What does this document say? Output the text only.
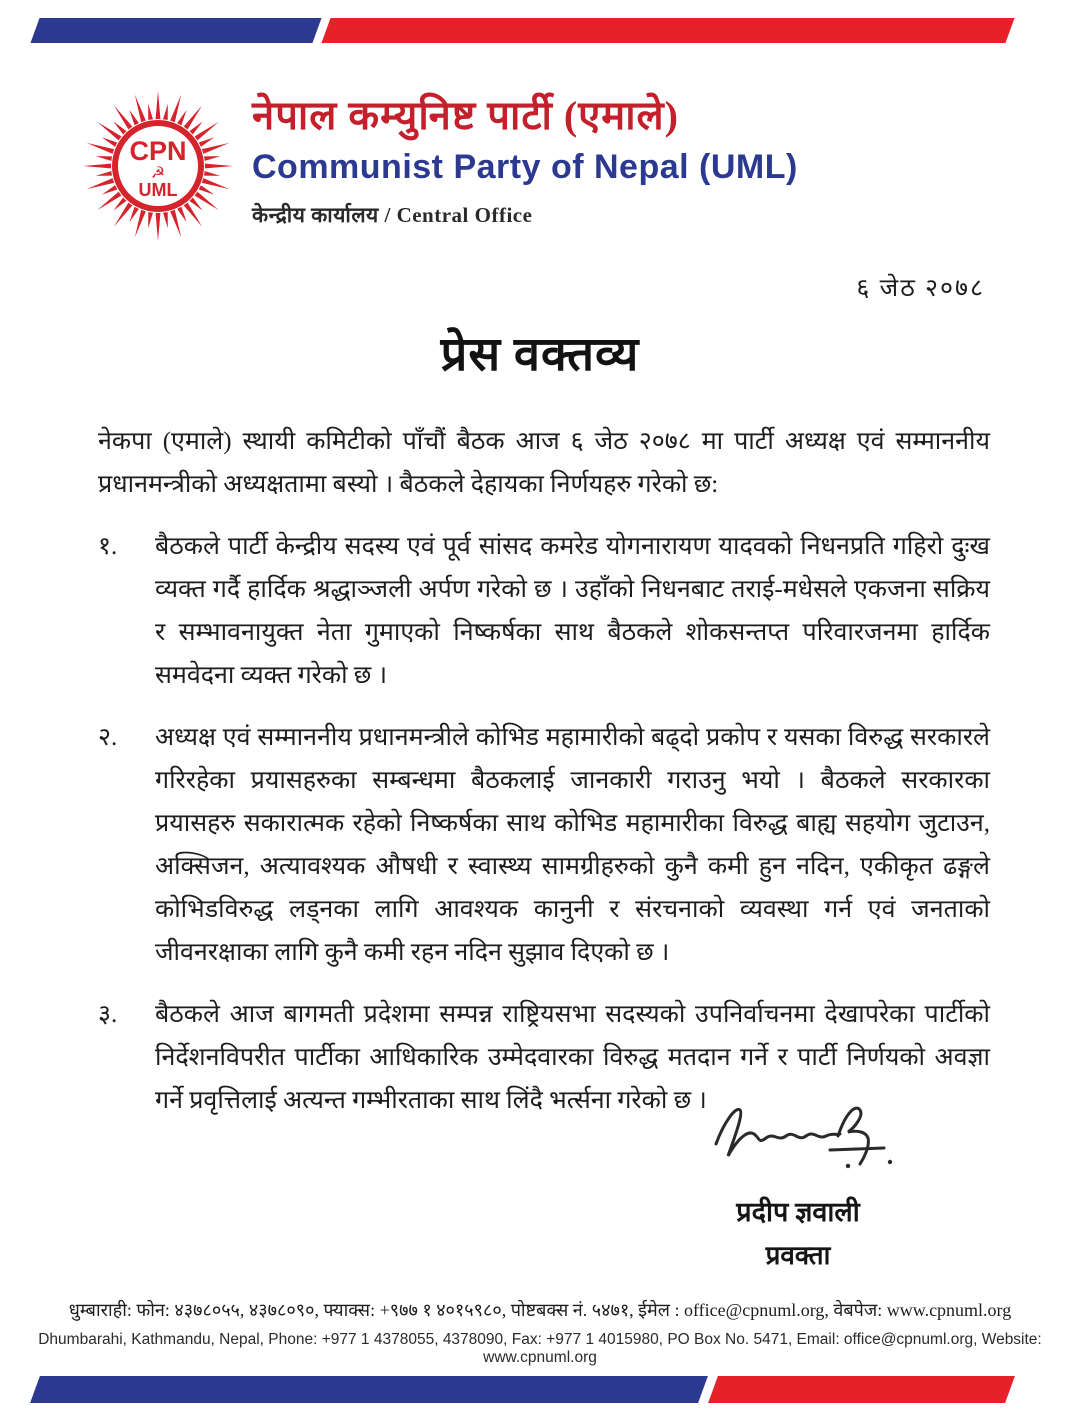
CPN
☭
UML
नेपाल कम्युनिष्ट पार्टी (एमाले)
Communist Party of Nepal (UML)
केन्द्रीय कार्यालय / Central Office
६ जेठ २०७८
प्रेस वक्तव्य

नेकपा (एमाले) स्थायी कमिटीको पाँचौं बैठक आज ६ जेठ २०७८ मा पार्टी अध्यक्ष एवं सम्माननीय प्रधानमन्त्रीको अध्यक्षतामा बस्यो । बैठकले देहायका निर्णयहरु गरेको छ:

१.	बैठकले पार्टी केन्द्रीय सदस्य एवं पूर्व सांसद कमरेड योगनारायण यादवको निधनप्रति गहिरो दुःख व्यक्त गर्दै हार्दिक श्रद्धाञ्जली अर्पण गरेको छ । उहाँको निधनबाट तराई-मधेसले एकजना सक्रिय र सम्भावनायुक्त नेता गुमाएको निष्कर्षका साथ बैठकले शोकसन्तप्त परिवारजनमा हार्दिक समवेदना व्यक्त गरेको छ ।
२.	अध्यक्ष एवं सम्माननीय प्रधानमन्त्रीले कोभिड महामारीको बढ्दो प्रकोप र यसका विरुद्ध सरकारले गरिरहेका प्रयासहरुका सम्बन्धमा बैठकलाई जानकारी गराउनु भयो । बैठकले सरकारका प्रयासहरु सकारात्मक रहेको निष्कर्षका साथ कोभिड महामारीका विरुद्ध बाह्य सहयोग जुटाउन, अक्सिजन, अत्यावश्यक औषधी र स्वास्थ्य सामग्रीहरुको कुनै कमी हुन नदिन, एकीकृत ढङ्गले कोभिडविरुद्ध लड्नका लागि आवश्यक कानुनी र संरचनाको व्यवस्था गर्न एवं जनताको जीवनरक्षाका लागि कुनै कमी रहन नदिन सुझाव दिएको छ ।
३.	बैठकले आज बागमती प्रदेशमा सम्पन्न राष्ट्रियसभा सदस्यको उपनिर्वाचनमा देखापरेका पार्टीको निर्देशनविपरीत पार्टीका आधिकारिक उम्मेदवारका विरुद्ध मतदान गर्ने र पार्टी निर्णयको अवज्ञा गर्ने प्रवृत्तिलाई अत्यन्त गम्भीरताका साथ लिंदै भर्त्सना गरेको छ ।
प्रदीप ज्ञवाली
प्रवक्ता
धुम्बाराही: फोन: ४३७८०५५, ४३७८०९०, फ्याक्स: +९७७ १ ४०१५९८०, पोष्टबक्स नं. ५४७१, ईमेल : office@cpnuml.org, वेबपेज: www.cpnuml.org
Dhumbarahi, Kathmandu, Nepal, Phone: +977 1 4378055, 4378090, Fax: +977 1 4015980, PO Box No. 5471, Email: office@cpnuml.org, Website: www.cpnuml.org
